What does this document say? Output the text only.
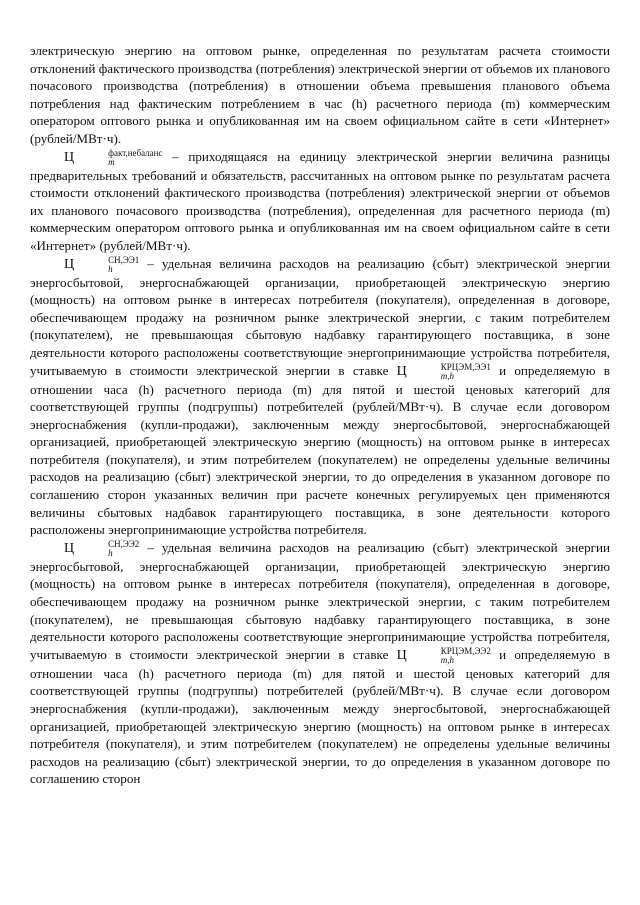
электрическую энергию на оптовом рынке, определенная по результатам расчета стоимости отклонений фактического производства (потребления) электрической энергии от объемов их планового почасового производства (потребления) в отношении объема превышения планового объема потребления над фактическим потреблением в час (h) расчетного периода (m) коммерческим оператором оптового рынка и опубликованная им на своем официальном сайте в сети «Интернет» (рублей/МВт·ч).

Ц	факт,небаланс
m	– приходящаяся на единицу электрической энергии величина разницы предварительных требований и обязательств, рассчитанных на оптовом рынке по результатам расчета стоимости отклонений фактического производства (потребления) электрической энергии от объемов их планового почасового производства (потребления), определенная для расчетного периода (m) коммерческим оператором оптового рынка и опубликованная им на своем официальном сайте в сети «Интернет» (рублей/МВт·ч).

Ц	СН,ЭЭ1
h	– удельная величина расходов на реализацию (сбыт) электрической энергии энергосбытовой, энергоснабжающей организации, приобретающей электрическую энергию (мощность) на оптовом рынке в интересах потребителя (покупателя), определенная в договоре, обеспечивающем продажу на розничном рынке электрической энергии, с таким потребителем (покупателем), не превышающая сбытовую надбавку гарантирующего поставщика, в зоне деятельности которого расположены соответствующие энергопринимающие устройства потребителя, учитываемую в стоимости электрической энергии в ставке Ц	КРЦЭМ,ЭЭ1
m,h	и определяемую в отношении часа (h) расчетного периода (m) для пятой и шестой ценовых категорий для соответствующей группы (подгруппы) потребителей (рублей/МВт·ч). В случае если договором энергоснабжения (купли-продажи), заключенным между энергосбытовой, энергоснабжающей организацией, приобретающей электрическую энергию (мощность) на оптовом рынке в интересах потребителя (покупателя), и этим потребителем (покупателем) не определены удельные величины расходов на реализацию (сбыт) электрической энергии, то до определения в указанном договоре по соглашению сторон указанных величин при расчете конечных регулируемых цен применяются величины сбытовых надбавок гарантирующего поставщика, в зоне деятельности которого расположены энергопринимающие устройства потребителя.

Ц	СН,ЭЭ2
h	– удельная величина расходов на реализацию (сбыт) электрической энергии энергосбытовой, энергоснабжающей организации, приобретающей электрическую энергию (мощность) на оптовом рынке в интересах потребителя (покупателя), определенная в договоре, обеспечивающем продажу на розничном рынке электрической энергии, с таким потребителем (покупателем), не превышающая сбытовую надбавку гарантирующего поставщика, в зоне деятельности которого расположены соответствующие энергопринимающие устройства потребителя, учитываемую в стоимости электрической энергии в ставке Ц	КРЦЭМ,ЭЭ2
m,h	и определяемую в отношении часа (h) расчетного периода (m) для пятой и шестой ценовых категорий для соответствующей группы (подгруппы) потребителей (рублей/МВт·ч). В случае если договором энергоснабжения (купли-продажи), заключенным между энергосбытовой, энергоснабжающей организацией, приобретающей электрическую энергию (мощность) на оптовом рынке в интересах потребителя (покупателя), и этим потребителем (покупателем) не определены удельные величины расходов на реализацию (сбыт) электрической энергии, то до определения в указанном договоре по соглашению сторон
